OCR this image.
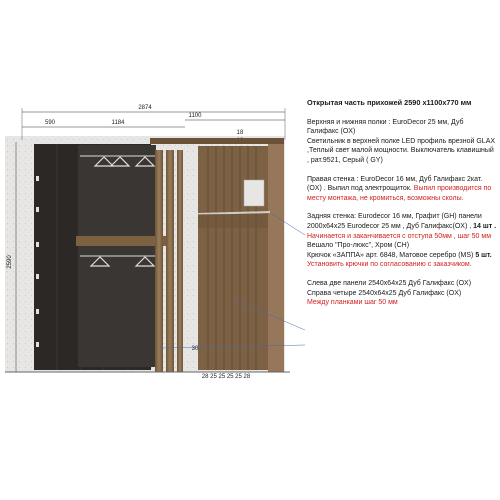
2874
1100
590	1184
18
2590
30
28 25 25 25 25 28
Открытая часть прихожей 2590 х1100х770 мм

Верхняя и нижняя полки : EuroDecor 25 мм, Дуб Галифакс (OX)
Светильник в верхней полке LED профиль врезной GLAX ,Теплый свет малой мощности. Выключатель клавишный , рат.9521, Серый ( GY)

Правая стенка : EuroDecor 16 мм, Дуб Галифакс 2кат. (OX) . Выпил под электрощиток. Выпил производится по месту монтажа, не кромиться, возможны сколы.

Задняя стенка: Eurodecor 16 мм, Графит (GH) панели 2000х64х25 Eurodecor 25 мм , Дуб Галифакс(OX) , 14 шт .
Начинается и заканчивается с отступа 50мм , шаг 50 мм
Вешало "Про-люкс", Хром (CH)
Крючок «ЗАППА» арт. 6848, Матовое серебро (MS) 5 шт. Установить крючки по согласованию с заказчиком.

Слева две панели 2540х64х25 Дуб Галифакс (OX)
Справа четыре 2540х64х25 Дуб Галифакс (OX)
Между планками шаг 50 мм
